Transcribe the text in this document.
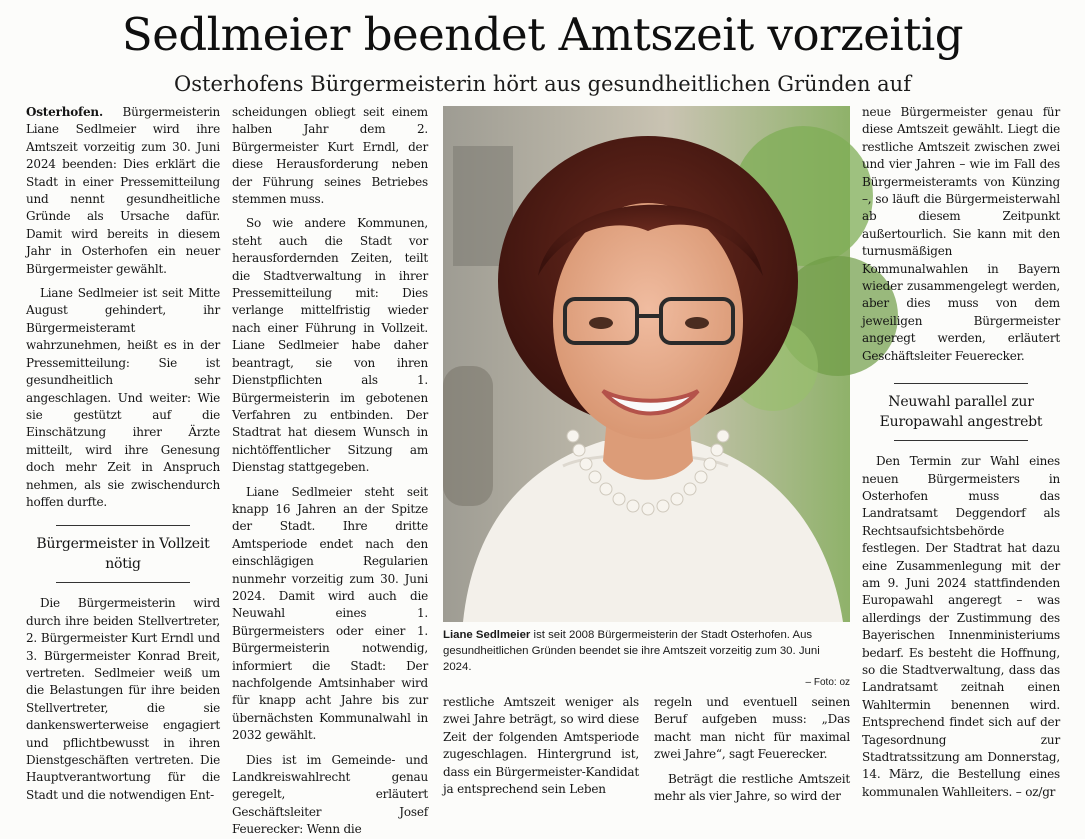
Sedlmeier beendet Amtszeit vorzeitig
Osterhofens Bürgermeisterin hört aus gesundheitlichen Gründen auf

Osterhofen. Bürgermeisterin Liane Sedlmeier wird ihre Amtszeit vorzeitig zum 30. Juni 2024 beenden: Dies erklärt die Stadt in einer Pressemitteilung und nennt gesundheitliche Gründe als Ursache dafür. Damit wird bereits in diesem Jahr in Osterhofen ein neuer Bürgermeister gewählt.

Liane Sedlmeier ist seit Mitte August gehindert, ihr Bürgermeisteramt wahrzunehmen, heißt es in der Pressemitteilung: Sie ist gesundheitlich sehr angeschlagen. Und weiter: Wie sie gestützt auf die Einschätzung ihrer Ärzte mitteilt, wird ihre Genesung doch mehr Zeit in Anspruch nehmen, als sie zwischendurch hoffen durfte.

Bürgermeister in Vollzeit nötig

Die Bürgermeisterin wird durch ihre beiden Stellvertreter, 2. Bürgermeister Kurt Erndl und 3. Bürgermeister Konrad Breit, vertreten. Sedlmeier weiß um die Belastungen für ihre beiden Stellvertreter, die sie dankenswerterweise engagiert und pflichtbewusst in ihren Dienstgeschäften vertreten. Die Hauptverantwortung für die Stadt und die notwendigen Ent-

scheidungen obliegt seit einem halben Jahr dem 2. Bürgermeister Kurt Erndl, der diese Herausforderung neben der Führung seines Betriebes stemmen muss.

So wie andere Kommunen, steht auch die Stadt vor herausfordernden Zeiten, teilt die Stadtverwaltung in ihrer Pressemitteilung mit: Dies verlange mittelfristig wieder nach einer Führung in Vollzeit. Liane Sedlmeier habe daher beantragt, sie von ihren Dienstpflichten als 1. Bürgermeisterin im gebotenen Verfahren zu entbinden. Der Stadtrat hat diesem Wunsch in nichtöffentlicher Sitzung am Dienstag stattgegeben.

Liane Sedlmeier steht seit knapp 16 Jahren an der Spitze der Stadt. Ihre dritte Amtsperiode endet nach den einschlägigen Regularien nunmehr vorzeitig zum 30. Juni 2024. Damit wird auch die Neuwahl eines 1. Bürgermeisters oder einer 1. Bürgermeisterin notwendig, informiert die Stadt: Der nachfolgende Amtsinhaber wird für knapp acht Jahre bis zur übernächsten Kommunalwahl in 2032 gewählt.

Dies ist im Gemeinde- und Landkreiswahlrecht genau geregelt, erläutert Geschäftsleiter Josef Feuerecker: Wenn die

Liane Sedlmeier ist seit 2008 Bürgermeisterin der Stadt Osterhofen. Aus gesundheitlichen Gründen beendet sie ihre Amtszeit vorzeitig zum 30. Juni 2024.
– Foto: oz

restliche Amtszeit weniger als zwei Jahre beträgt, so wird diese Zeit der folgenden Amtsperiode zugeschlagen. Hintergrund ist, dass ein Bürgermeister-Kandidat ja entsprechend sein Leben

regeln und eventuell seinen Beruf aufgeben muss: „Das macht man nicht für maximal zwei Jahre“, sagt Feuerecker.

Beträgt die restliche Amtszeit mehr als vier Jahre, so wird der

neue Bürgermeister genau für diese Amtszeit gewählt. Liegt die restliche Amtszeit zwischen zwei und vier Jahren – wie im Fall des Bürgermeisteramts von Künzing –, so läuft die Bürgermeisterwahl ab diesem Zeitpunkt außertourlich. Sie kann mit den turnusmäßigen Kommunalwahlen in Bayern wieder zusammengelegt werden, aber dies muss von dem jeweiligen Bürgermeister angeregt werden, erläutert Geschäftsleiter Feuerecker.

Neuwahl parallel zur Europawahl angestrebt

Den Termin zur Wahl eines neuen Bürgermeisters in Osterhofen muss das Landratsamt Deggendorf als Rechtsaufsichtsbehörde festlegen. Der Stadtrat hat dazu eine Zusammenlegung mit der am 9. Juni 2024 stattfindenden Europawahl angeregt – was allerdings der Zustimmung des Bayerischen Innenministeriums bedarf. Es besteht die Hoffnung, so die Stadtverwaltung, dass das Landratsamt zeitnah einen Wahltermin benennen wird. Entsprechend findet sich auf der Tagesordnung zur Stadtratssitzung am Donnerstag, 14. März, die Bestellung eines kommunalen Wahlleiters. – oz/gr
